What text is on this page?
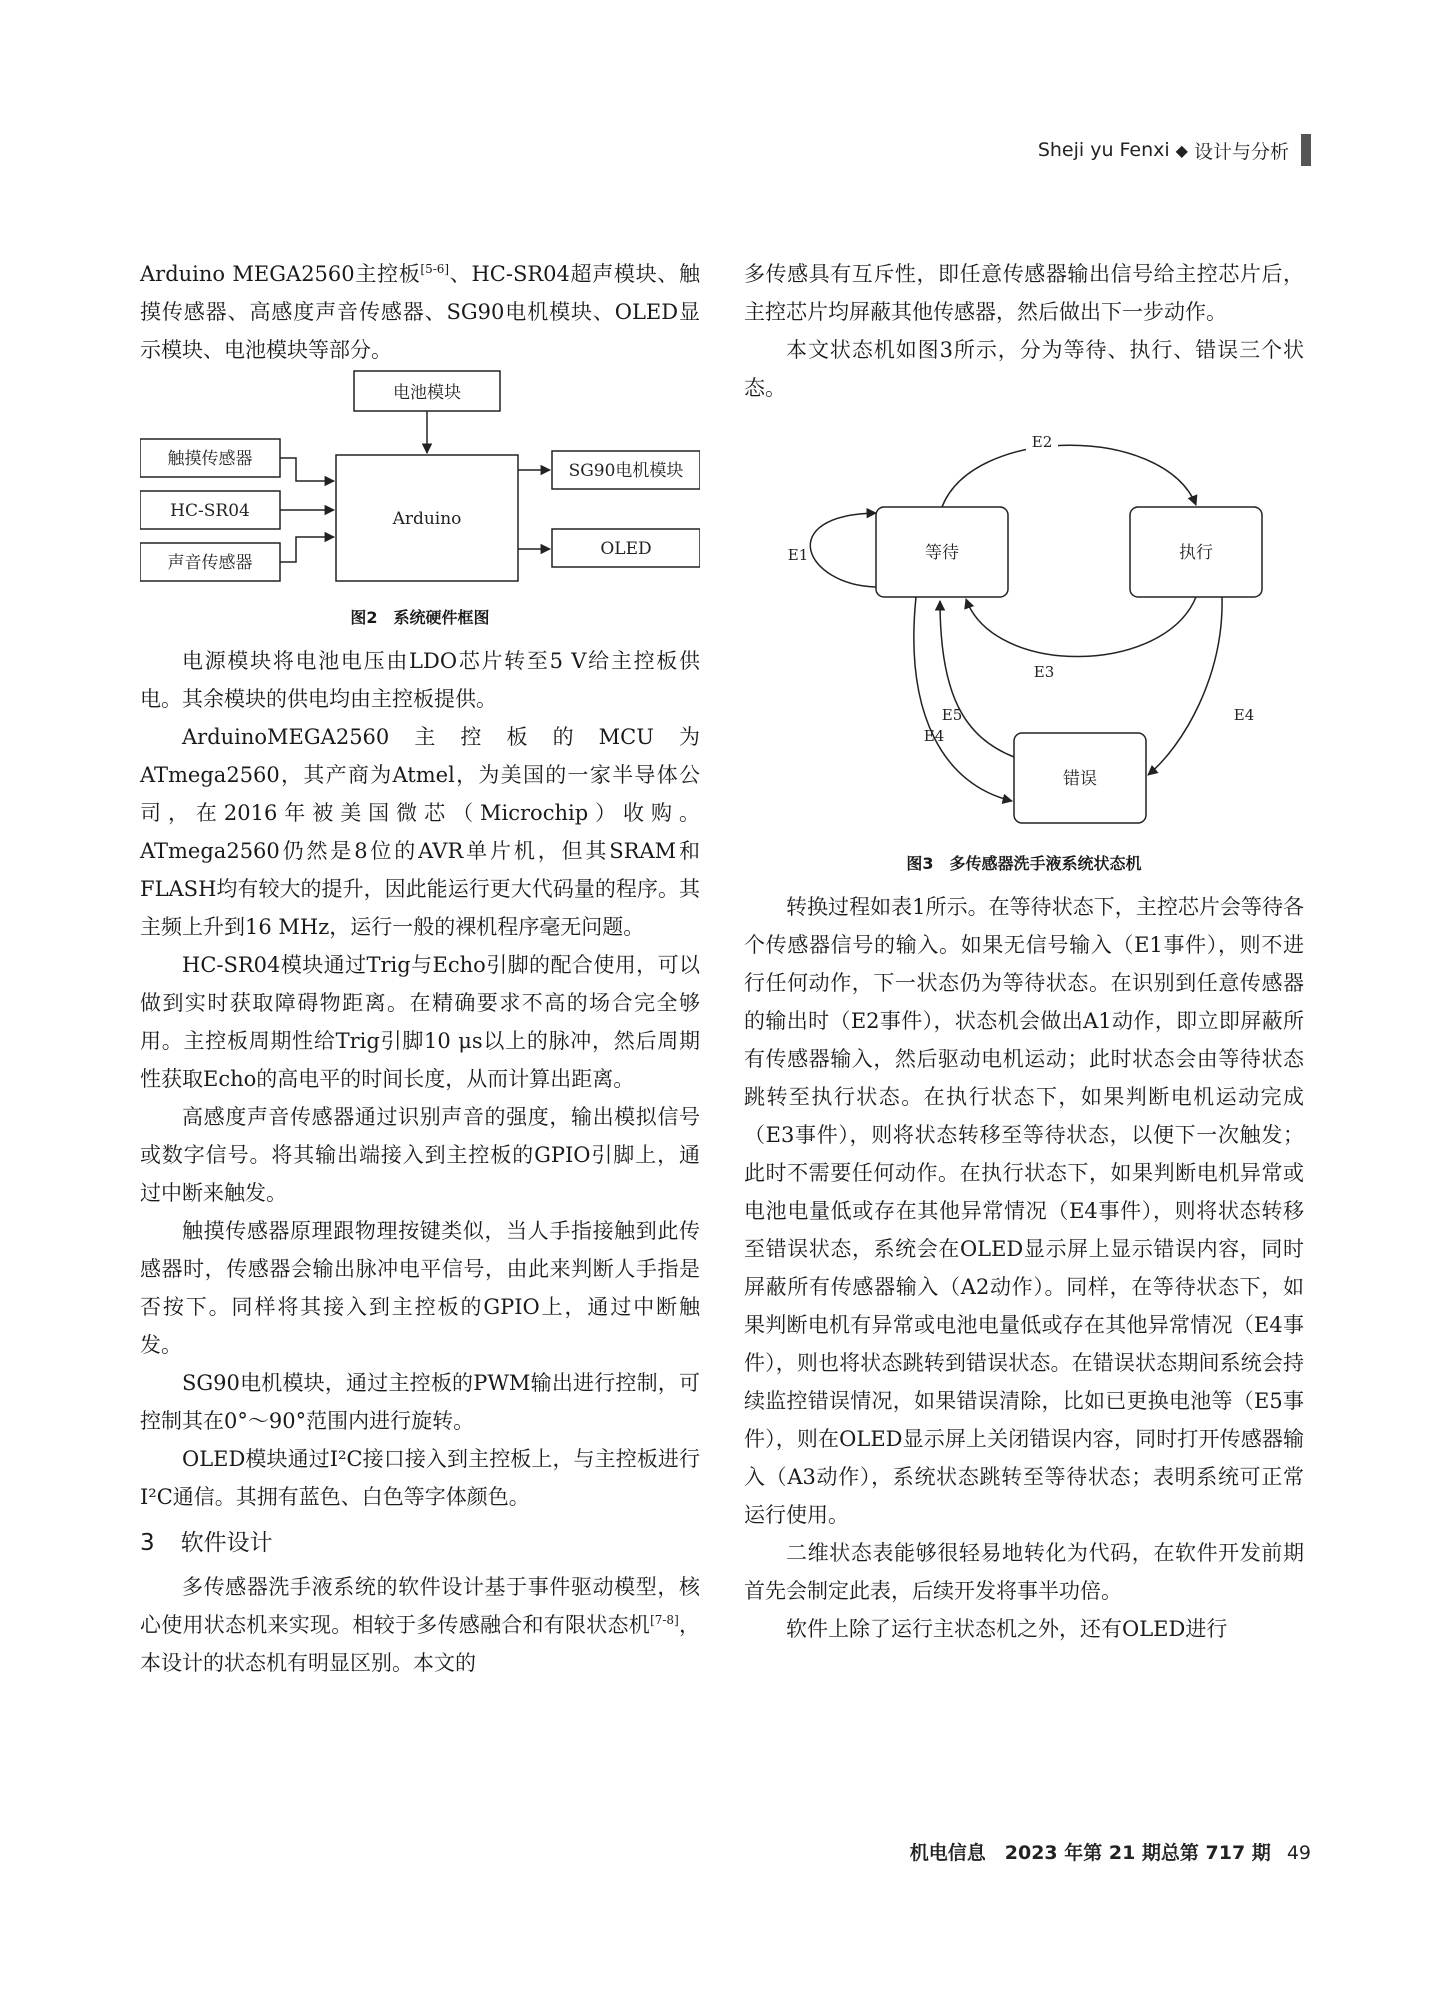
Sheji yu Fenxi ◆ 设计与分析

Arduino MEGA2560主控板[5-6]、HC-SR04超声模块、触摸传感器、高感度声音传感器、SG90电机模块、OLED显示模块、电池模块等部分。

电池模块
触摸传感器
HC-SR04
声音传感器
Arduino
SG90电机模块
OLED
图2　系统硬件框图

电源模块将电池电压由LDO芯片转至5 V给主控板供电。其余模块的供电均由主控板提供。

ArduinoMEGA2560主控板的MCU为ATmega2560，其产商为Atmel，为美国的一家半导体公司，在2016年被美国微芯（Microchip）收购。ATmega2560仍然是8位的AVR单片机，但其SRAM和FLASH均有较大的提升，因此能运行更大代码量的程序。其主频上升到16 MHz，运行一般的裸机程序毫无问题。

HC-SR04模块通过Trig与Echo引脚的配合使用，可以做到实时获取障碍物距离。在精确要求不高的场合完全够用。主控板周期性给Trig引脚10 μs以上的脉冲，然后周期性获取Echo的高电平的时间长度，从而计算出距离。

高感度声音传感器通过识别声音的强度，输出模拟信号或数字信号。将其输出端接入到主控板的GPIO引脚上，通过中断来触发。

触摸传感器原理跟物理按键类似，当人手指接触到此传感器时，传感器会输出脉冲电平信号，由此来判断人手指是否按下。同样将其接入到主控板的GPIO上，通过中断触发。

SG90电机模块，通过主控板的PWM输出进行控制，可控制其在0°～90°范围内进行旋转。

OLED模块通过I²C接口接入到主控板上，与主控板进行I²C通信。其拥有蓝色、白色等字体颜色。

3 软件设计

多传感器洗手液系统的软件设计基于事件驱动模型，核心使用状态机来实现。相较于多传感融合和有限状态机[7-8]，本设计的状态机有明显区别。本文的

多传感具有互斥性，即任意传感器输出信号给主控芯片后，主控芯片均屏蔽其他传感器，然后做出下一步动作。

本文状态机如图3所示，分为等待、执行、错误三个状态。

等待	执行
错误
E2
E1
E3
E4
E5
E4
图3　多传感器洗手液系统状态机

转换过程如表1所示。在等待状态下，主控芯片会等待各个传感器信号的输入。如果无信号输入（E1事件），则不进行任何动作，下一状态仍为等待状态。在识别到任意传感器的输出时（E2事件），状态机会做出A1动作，即立即屏蔽所有传感器输入，然后驱动电机运动；此时状态会由等待状态跳转至执行状态。在执行状态下，如果判断电机运动完成（E3事件），则将状态转移至等待状态，以便下一次触发；此时不需要任何动作。在执行状态下，如果判断电机异常或电池电量低或存在其他异常情况（E4事件），则将状态转移至错误状态，系统会在OLED显示屏上显示错误内容，同时屏蔽所有传感器输入（A2动作）。同样，在等待状态下，如果判断电机有异常或电池电量低或存在其他异常情况（E4事件），则也将状态跳转到错误状态。在错误状态期间系统会持续监控错误情况，如果错误清除，比如已更换电池等（E5事件），则在OLED显示屏上关闭错误内容，同时打开传感器输入（A3动作），系统状态跳转至等待状态；表明系统可正常运行使用。

二维状态表能够很轻易地转化为代码，在软件开发前期首先会制定此表，后续开发将事半功倍。

软件上除了运行主状态机之外，还有OLED进行

机电信息　2023 年第 21 期总第 717 期 49
